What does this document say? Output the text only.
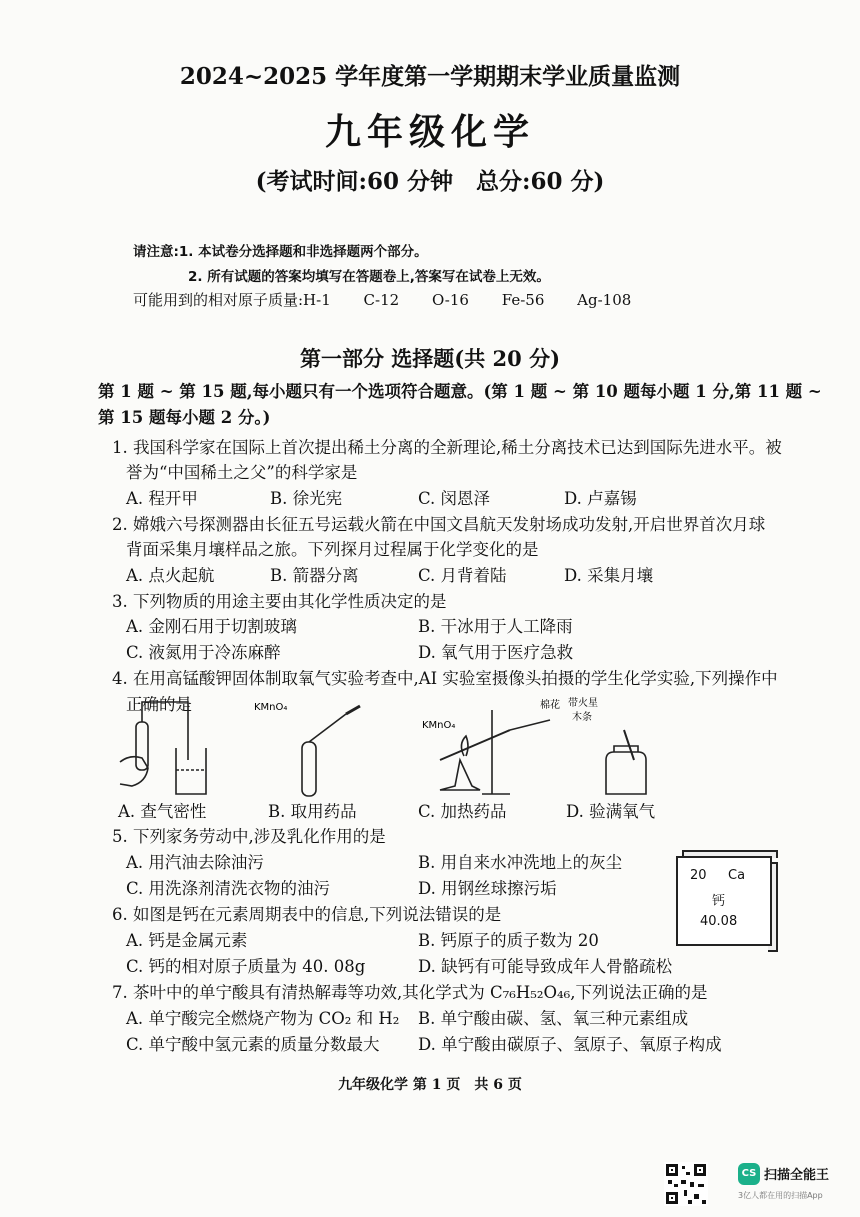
2024~2025 学年度第一学期期末学业质量监测
九年级化学
(考试时间:60 分钟　总分:60 分)
请注意:1. 本试卷分选择题和非选择题两个部分。
2. 所有试题的答案均填写在答题卷上,答案写在试卷上无效。
可能用到的相对原子质量:H-1 C-12 O-16 Fe-56 Ag-108
第一部分 选择题(共 20 分)
第 1 题 ~ 第 15 题,每小题只有一个选项符合题意。(第 1 题 ~ 第 10 题每小题 1 分,第 11 题 ~
第 15 题每小题 2 分。)
1. 我国科学家在国际上首次提出稀土分离的全新理论,稀土分离技术已达到国际先进水平。被
誉为“中国稀土之父”的科学家是
A. 程开甲	B. 徐光宪	C. 闵恩泽	D. 卢嘉锡
2. 嫦娥六号探测器由长征五号运载火箭在中国文昌航天发射场成功发射,开启世界首次月球
背面采集月壤样品之旅。下列探月过程属于化学变化的是
A. 点火起航	B. 箭器分离	C. 月背着陆	D. 采集月壤
3. 下列物质的用途主要由其化学性质决定的是
A. 金刚石用于切割玻璃	B. 干冰用于人工降雨
C. 液氮用于冷冻麻醉	D. 氧气用于医疗急救
4. 在用高锰酸钾固体制取氧气实验考查中,AI 实验室摄像头拍摄的学生化学实验,下列操作中
正确的是	KMnO₄
KMnO₄
棉花 带火星
木条
A. 查气密性	B. 取用药品	C. 加热药品	D. 验满氧气
5. 下列家务劳动中,涉及乳化作用的是
A. 用汽油去除油污	B. 用自来水冲洗地上的灰尘
C. 用洗涤剂清洗衣物的油污	D. 用钢丝球擦污垢
20 Ca
钙
40.08
6. 如图是钙在元素周期表中的信息,下列说法错误的是
A. 钙是金属元素	B. 钙原子的质子数为 20
C. 钙的相对原子质量为 40. 08g	D. 缺钙有可能导致成年人骨骼疏松
7. 茶叶中的单宁酸具有清热解毒等功效,其化学式为 C₇₆H₅₂O₄₆,下列说法正确的是
A. 单宁酸完全燃烧产物为 CO₂ 和 H₂ B. 单宁酸由碳、氢、氧三种元素组成
C. 单宁酸中氢元素的质量分数最大 D. 单宁酸由碳原子、氢原子、氧原子构成
九年级化学 第 1 页　共 6 页
CS 扫描全能王
3亿人都在用的扫描App
